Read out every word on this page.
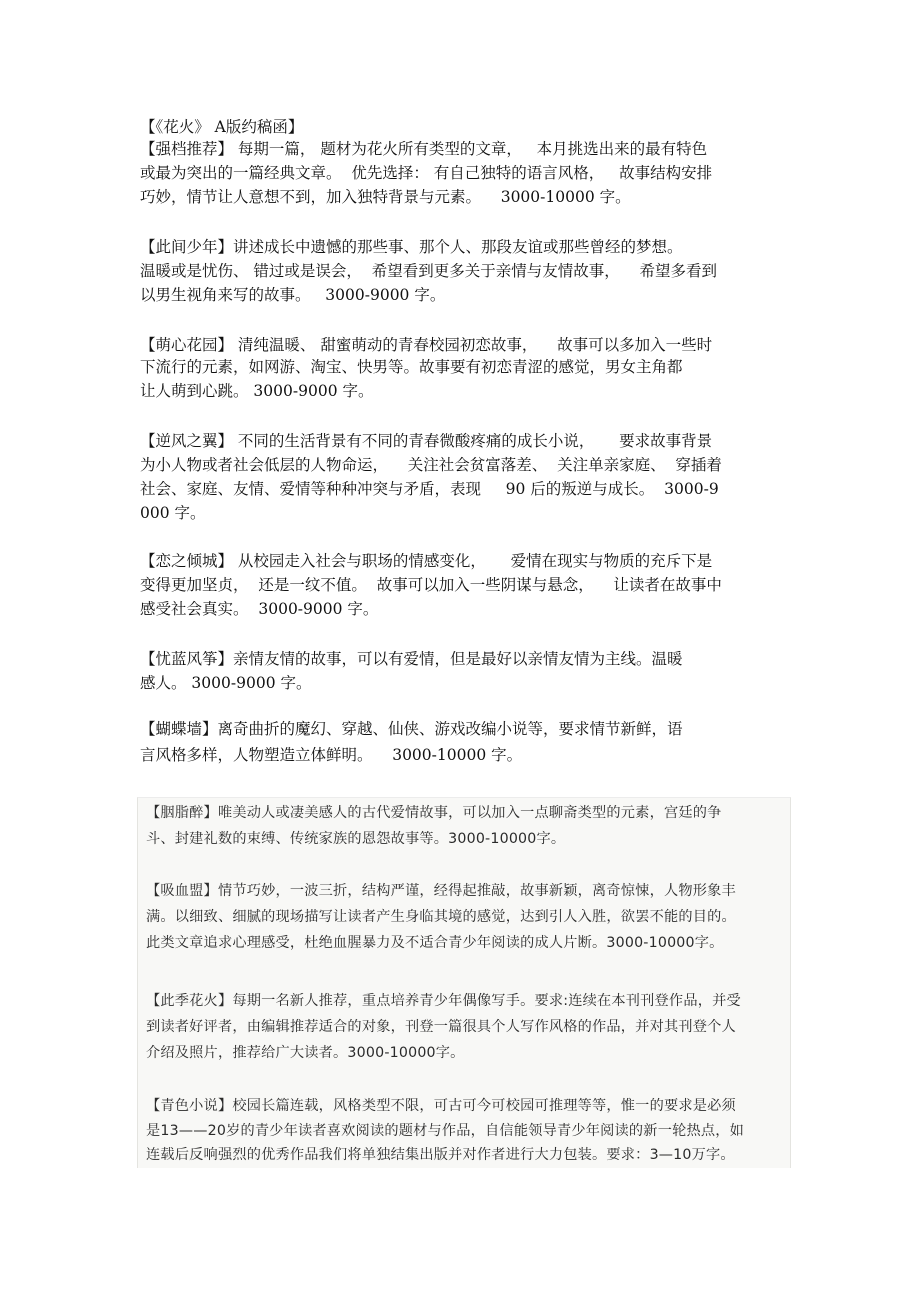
【《花火》 A版约稿函】

【强档推荐】 每期一篇， 题材为花火所有类型的文章，   本月挑选出来的最有特色

或最为突出的一篇经典文章。  优先选择： 有自己独特的语言风格，   故事结构安排

巧妙，情节让人意想不到，加入独特背景与元素。    3000-10000 字。

【此间少年】讲述成长中遗憾的那些事、那个人、那段友谊或那些曾经的梦想。

温暖或是忧伤、 错过或是误会，  希望看到更多关于亲情与友情故事，    希望多看到

以男生视角来写的故事。   3000-9000 字。

【萌心花园】 清纯温暖、 甜蜜萌动的青春校园初恋故事，    故事可以多加入一些时

下流行的元素，如网游、淘宝、快男等。故事要有初恋青涩的感觉，男女主角都

让人萌到心跳。 3000-9000 字。

【逆风之翼】 不同的生活背景有不同的青春微酸疼痛的成长小说，     要求故事背景

为小人物或者社会低层的人物命运，    关注社会贫富落差、  关注单亲家庭、  穿插着

社会、家庭、友情、爱情等种种冲突与矛盾，表现     90 后的叛逆与成长。  3000-9

000 字。

【恋之倾城】 从校园走入社会与职场的情感变化，     爱情在现实与物质的充斥下是

变得更加坚贞，  还是一纹不值。  故事可以加入一些阴谋与悬念，    让读者在故事中

感受社会真实。  3000-9000 字。

【忧蓝风筝】亲情友情的故事，可以有爱情，但是最好以亲情友情为主线。温暖

感人。 3000-9000 字。

【蝴蝶墙】离奇曲折的魔幻、穿越、仙侠、游戏改编小说等，要求情节新鲜，语

言风格多样，人物塑造立体鲜明。    3000-10000 字。

【胭脂醉】唯美动人或凄美感人的古代爱情故事，可以加入一点聊斋类型的元素，宫廷的争

斗、封建礼数的束缚、传统家族的恩怨故事等。3000-10000字。

【吸血盟】情节巧妙，一波三折，结构严谨，经得起推敲，故事新颖，离奇惊悚，人物形象丰

满。以细致、细腻的现场描写让读者产生身临其境的感觉，达到引人入胜，欲罢不能的目的。

此类文章追求心理感受，杜绝血腥暴力及不适合青少年阅读的成人片断。3000-10000字。

【此季花火】每期一名新人推荐，重点培养青少年偶像写手。要求:连续在本刊刊登作品，并受

到读者好评者，由编辑推荐适合的对象，刊登一篇很具个人写作风格的作品，并对其刊登个人

介绍及照片，推荐给广大读者。3000-10000字。

【青色小说】校园长篇连载，风格类型不限，可古可今可校园可推理等等，惟一的要求是必须

是13——20岁的青少年读者喜欢阅读的题材与作品，自信能领导青少年阅读的新一轮热点，如

连载后反响强烈的优秀作品我们将单独结集出版并对作者进行大力包装。要求：3—10万字。
